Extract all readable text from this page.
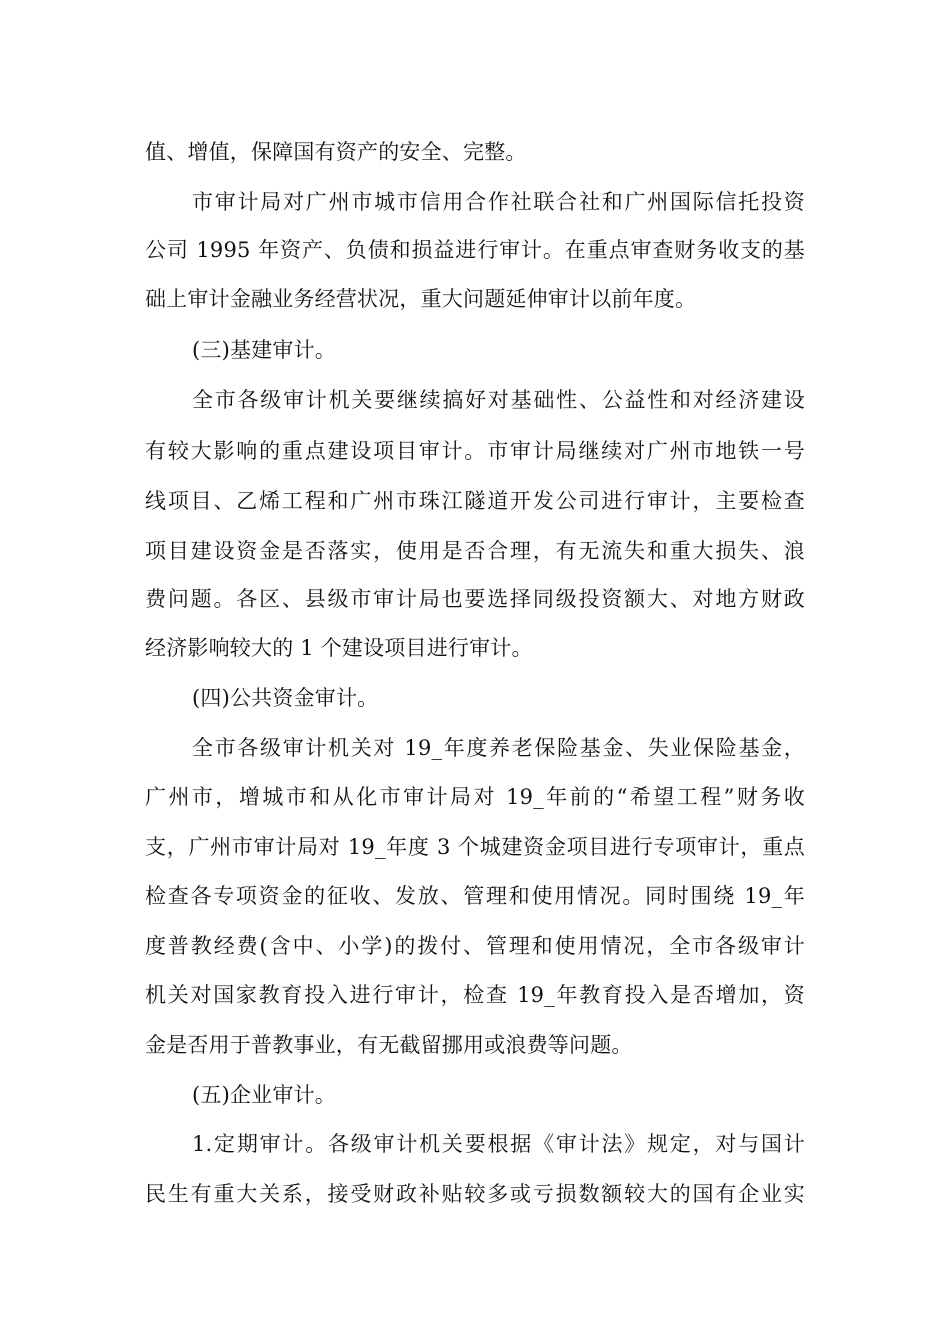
值、增值，保障国有资产的安全、完整。
市审计局对广州市城市信用合作社联合社和广州国际信托投资
公司 1995 年资产、负债和损益进行审计。在重点审查财务收支的基
础上审计金融业务经营状况，重大问题延伸审计以前年度。
(三)基建审计。
全市各级审计机关要继续搞好对基础性、公益性和对经济建设
有较大影响的重点建设项目审计。市审计局继续对广州市地铁一号
线项目、乙烯工程和广州市珠江隧道开发公司进行审计，主要检查
项目建设资金是否落实，使用是否合理，有无流失和重大损失、浪
费问题。各区、县级市审计局也要选择同级投资额大、对地方财政
经济影响较大的 1 个建设项目进行审计。
(四)公共资金审计。
全市各级审计机关对 19_年度养老保险基金、失业保险基金，
广州市，增城市和从化市审计局对 19_年前的“希望工程”财务收
支，广州市审计局对 19_年度 3 个城建资金项目进行专项审计，重点
检查各专项资金的征收、发放、管理和使用情况。同时围绕 19_年
度普教经费(含中、小学)的拨付、管理和使用情况，全市各级审计
机关对国家教育投入进行审计，检查 19_年教育投入是否增加，资
金是否用于普教事业，有无截留挪用或浪费等问题。
(五)企业审计。
1.定期审计。各级审计机关要根据《审计法》规定，对与国计
民生有重大关系，接受财政补贴较多或亏损数额较大的国有企业实
